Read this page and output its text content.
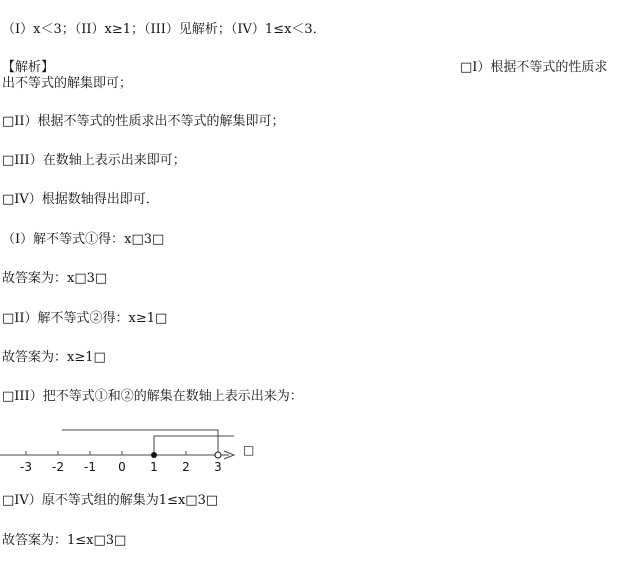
（I）x＜3；（II）x≥1；（III）见解析；（IV）1≤x＜3．
【解析】	□I）根据不等式的性质求
出不等式的解集即可；
□II）根据不等式的性质求出不等式的解集即可；
□III）在数轴上表示出来即可；
□IV）根据数轴得出即可．
（I）解不等式①得：x□3□
故答案为：x□3□
□II）解不等式②得：x≥1□
故答案为：x≥1□
□III）把不等式①和②的解集在数轴上表示出来为：
-3 -2 -1 0 1 2 3
□
□IV）原不等式组的解集为1≤x□3□
故答案为：1≤x□3□
